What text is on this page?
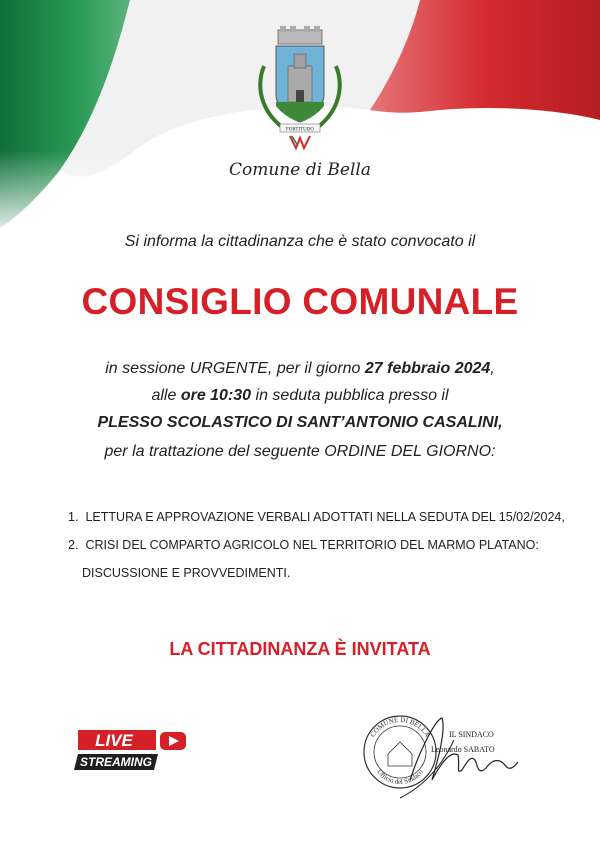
FORTITUDO
Comune di Bella
Si informa la cittadinanza che è stato convocato il
CONSIGLIO COMUNALE
in sessione URGENTE, per il giorno 27 febbraio 2024,
alle ore 10:30 in seduta pubblica presso il
PLESSO SCOLASTICO DI SANT’ANTONIO CASALINI,
per la trattazione del seguente ORDINE DEL GIORNO:
1. LETTURA E APPROVAZIONE VERBALI ADOTTATI NELLA SEDUTA DEL 15/02/2024,
2. CRISI DEL COMPARTO AGRICOLO NEL TERRITORIO DEL MARMO PLATANO:
DISCUSSIONE E PROVVEDIMENTI.
LA CITTADINANZA È INVITATA
LIVE
STREAMING
COMUNE DI BELLA
Ufficio del Sindaco
IL SINDACO
Leonardo SABATO
